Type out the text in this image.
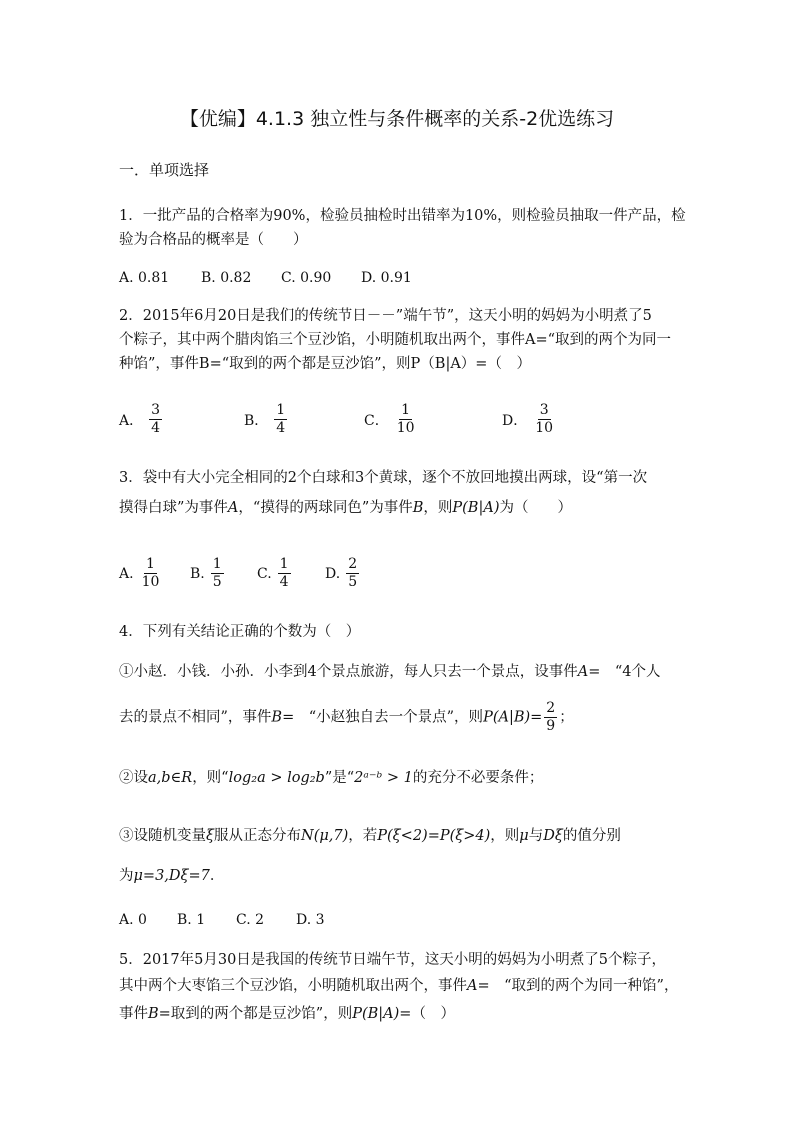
【优编】4.1.3 独立性与条件概率的关系-2优选练习
一．单项选择
1．一批产品的合格率为90%，检验员抽检时出错率为10%，则检验员抽取一件产品，检
验为合格品的概率是（　　）
A. 0.81 B. 0.82 C. 0.90 D. 0.91
2．2015年6月20日是我们的传统节日－－”端午节”，这天小明的妈妈为小明煮了5
个粽子，其中两个腊肉馅三个豆沙馅，小明随机取出两个，事件A=“取到的两个为同一
种馅”，事件B=“取到的两个都是豆沙馅”，则P（B|A）=（　）
A． $\frac{3}{4}$	B． $\frac{1}{4}$	C． $\frac{1}{10}$	D． $\frac{3}{10}$
3．袋中有大小完全相同的2个白球和3个黄球，逐个不放回地摸出两球，设“第一次
摸得白球”为事件A，“摸得的两球同色”为事件B，则P(B|A)为（　　）
A. $\frac{1}{10} B$. $\frac{1}{5} C$. $\frac{1}{4} D$. $\frac{2}{5}$
4．下列有关结论正确的个数为（　）
①小赵．小钱．小孙．小李到4个景点旅游，每人只去一个景点，设事件A=　“4个人
去的景点不相同”，事件B=　“小赵独自去一个景点”，则$P(A|B)= \frac{2}{9}$ ；
②设a,b∈R，则“log₂a > log₂b”是“2ᵃ⁻ᵇ > 1的充分不必要条件；
③设随机变量ξ服从正态分布N(μ,7)，若P(ξ<2)=P(ξ>4)，则μ与Dξ的值分别
为μ=3,Dξ=7．
A. 0 B. 1 C. 2 D. 3
5．2017年5月30日是我国的传统节日端午节，这天小明的妈妈为小明煮了5个粽子，
其中两个大枣馅三个豆沙馅，小明随机取出两个，事件A=　“取到的两个为同一种馅”，
事件B=取到的两个都是豆沙馅”，则P(B|A)=（　）
